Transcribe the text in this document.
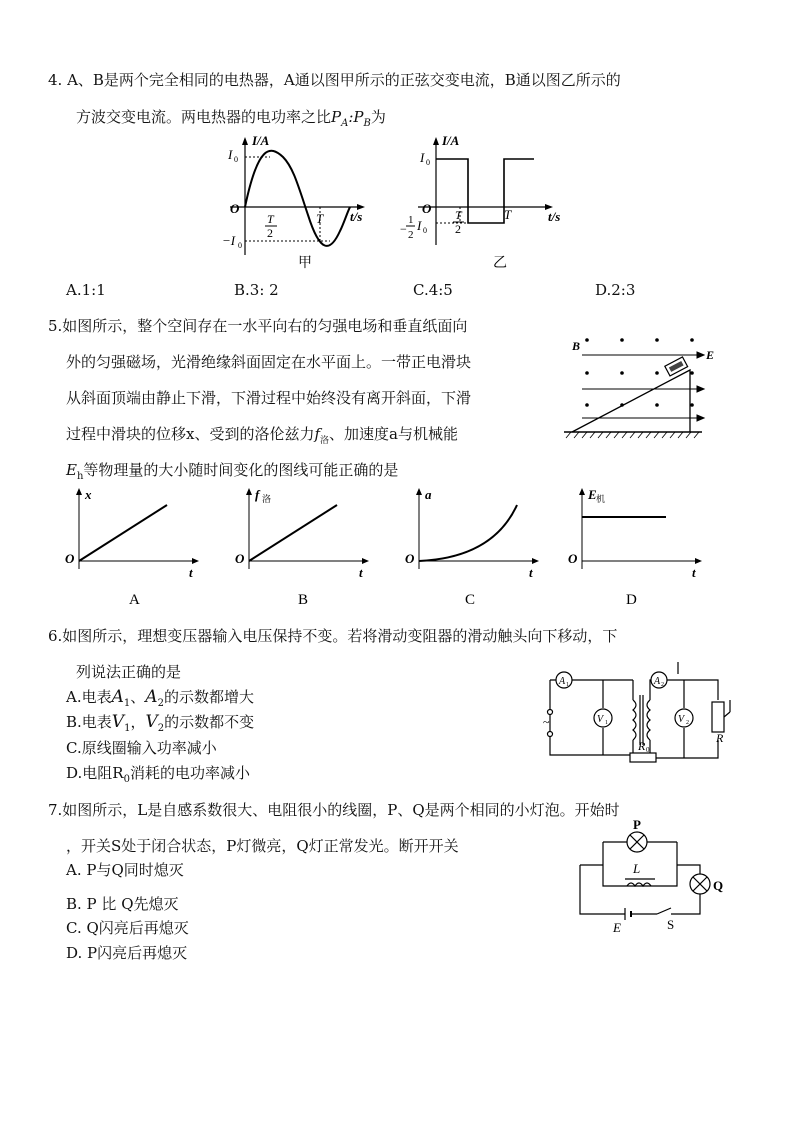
4. A、B是两个完全相同的电热器，A通以图甲所示的正弦交变电流，B通以图乙所示的
方波交变电流。两电热器的电功率之比$P_A:P_B$为
I/A
t/s
O
I 0
−I 0
T
2
T
甲
I/A
t/s
O
I 0
−
1
2
I 0
T
2
T
乙
A.1:1	B.3: 2	C.4:5	D.2:3
5.如图所示，整个空间存在一水平向右的匀强电场和垂直纸面向
外的匀强磁场，光滑绝缘斜面固定在水平面上。一带正电滑块
从斜面顶端由静止下滑，下滑过程中始终没有离开斜面，下滑
过程中滑块的位移x、受到的洛伦兹力$f_洛$、加速度a与机械能
$E_h$等物理量的大小随时间变化的图线可能正确的是
B
E
x
O
t
A
f 洛
O
t
B
a
O
t
C
E 机
O
t
D
6.如图所示，理想变压器输入电压保持不变。若将滑动变阻器的滑动触头向下移动，下
列说法正确的是
A.电表$A_1$、$A_2$的示数都增大
B.电表$V_1$，$V_2$的示数都不变
C.原线圈输入功率减小
D.电阻$R_0$消耗的电功率减小
A 1	A 2
V 1	V 2
~
R 0
R
7.如图所示，L是自感系数很大、电阻很小的线圈，P、Q是两个相同的小灯泡。开始时
，开关S处于闭合状态，P灯微亮，Q灯正常发光。断开开关
A. P与Q同时熄灭
B. P 比 Q先熄灭
C. Q闪亮后再熄灭
D. P闪亮后再熄灭
P
Q
L
E	S
